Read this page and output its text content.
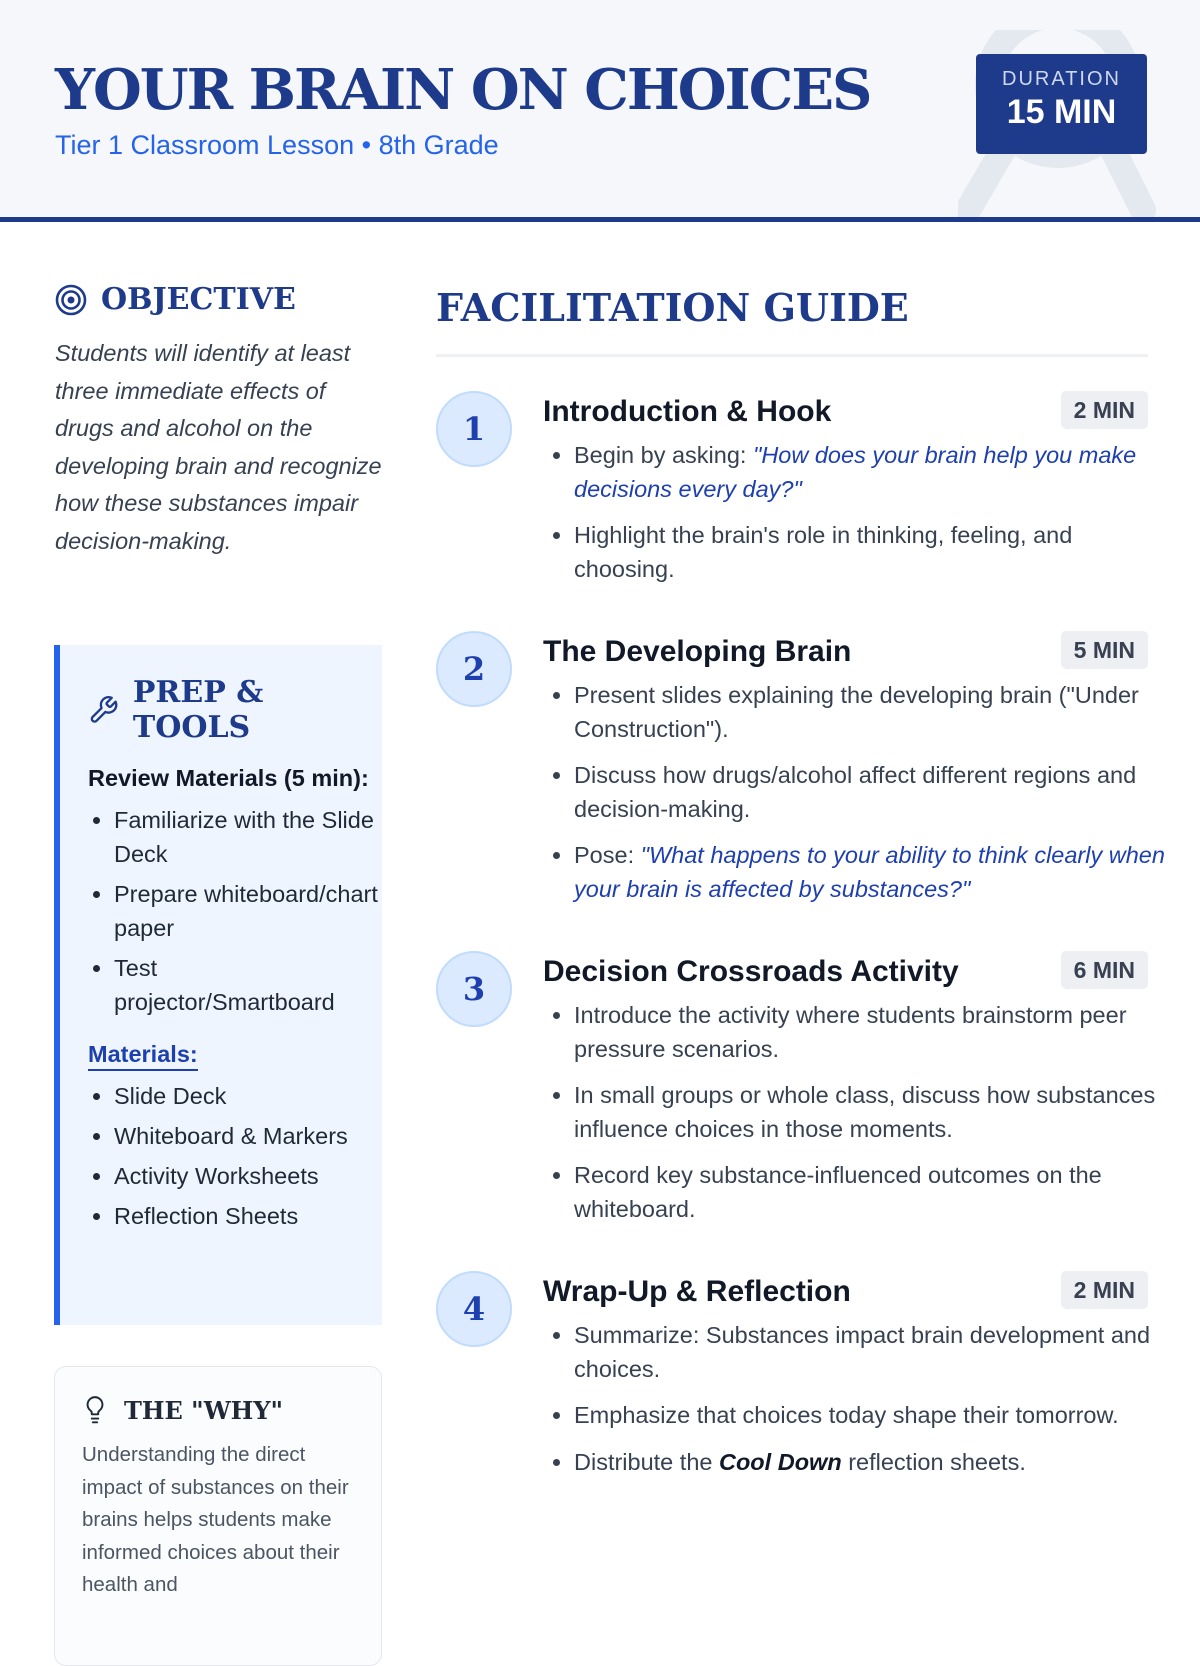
YOUR BRAIN ON CHOICES
Tier 1 Classroom Lesson • 8th Grade
DURATION
15 MIN
OBJECTIVE
Students will identify at least three immediate effects of drugs and alcohol on the developing brain and recognize how these substances impair decision-making.
PREP & TOOLS
Review Materials (5 min):
• Familiarize with the Slide Deck
• Prepare whiteboard/chart paper
• Test projector/Smartboard
Materials:
• Slide Deck
• Whiteboard & Markers
• Activity Worksheets
• Reflection Sheets
THE "WHY"
Understanding the direct impact of substances on their brains helps students make informed choices about their health and
FACILITATION GUIDE
1	Introduction & Hook	2 MIN
• Begin by asking: "How does your brain help you make decisions every day?"
• Highlight the brain's role in thinking, feeling, and choosing.
2	The Developing Brain	5 MIN
• Present slides explaining the developing brain ("Under Construction").
• Discuss how drugs/alcohol affect different regions and decision-making.
• Pose: "What happens to your ability to think clearly when your brain is affected by substances?"
3	Decision Crossroads Activity	6 MIN
• Introduce the activity where students brainstorm peer pressure scenarios.
• In small groups or whole class, discuss how substances influence choices in those moments.
• Record key substance-influenced outcomes on the whiteboard.
4	Wrap-Up & Reflection	2 MIN
• Summarize: Substances impact brain development and choices.
• Emphasize that choices today shape their tomorrow.
• Distribute the Cool Down reflection sheets.
